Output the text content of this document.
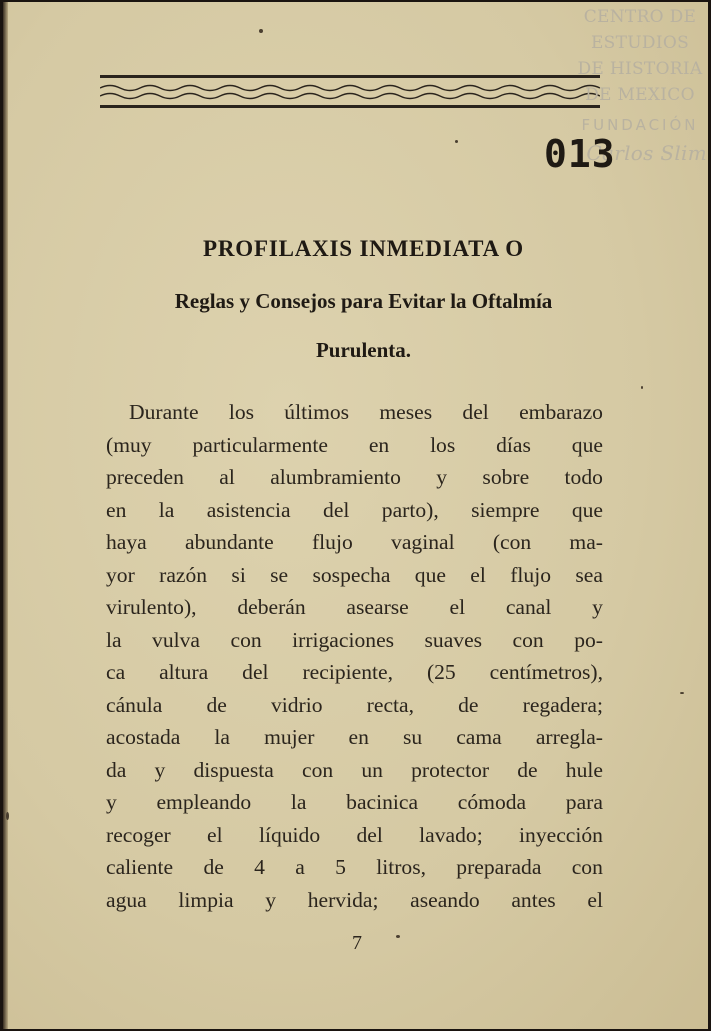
CENTRO DE
ESTUDIOS
DE HISTORIA
DE MEXICO
FUNDACIÓN
Carlos Slim
013
PROFILAXIS INMEDIATA O
Reglas y Consejos para Evitar la Oftalmía
Purulenta.
Durante los últimos meses del embarazo
(muy particularmente en los días que
preceden al alumbramiento y sobre todo
en la asistencia del parto), siempre que
haya abundante flujo vaginal (con ma-
yor razón si se sospecha que el flujo sea
virulento), deberán asearse el canal y
la vulva con irrigaciones suaves con po-
ca altura del recipiente, (25 centímetros),
cánula de vidrio recta, de regadera;
acostada la mujer en su cama arregla-
da y dispuesta con un protector de hule
y empleando la bacinica cómoda para
recoger el líquido del lavado; inyección
caliente de 4 a 5 litros, preparada con
agua limpia y hervida; aseando antes el
7
